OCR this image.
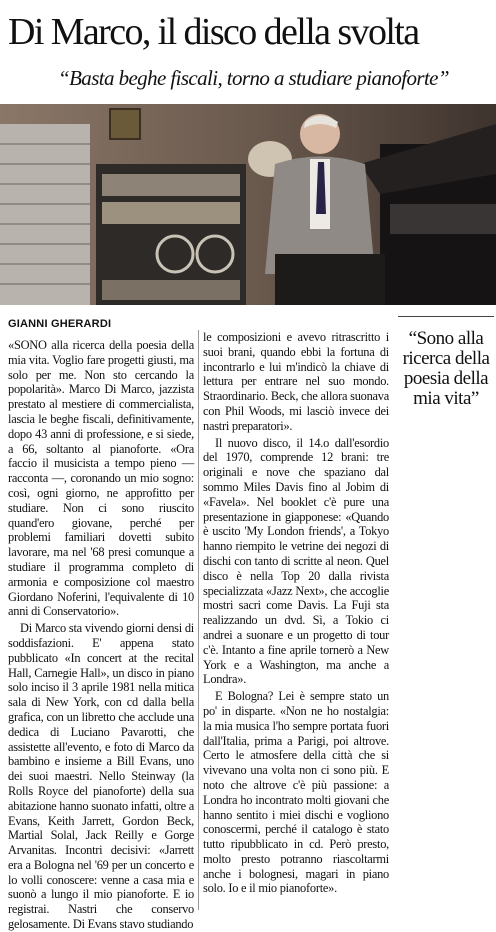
Di Marco, il disco della svolta
“Basta beghe fiscali, torno a studiare pianoforte”
GIANNI GHERARDI

«SONO alla ricerca della poesia della mia vita. Voglio fare progetti giusti, ma solo per me. Non sto cercando la popolarità». Marco Di Marco, jazzista prestato al mestiere di commercialista, lascia le beghe fiscali, definitivamente, dopo 43 anni di professione, e si siede, a 66, soltanto al pianoforte. «Ora faccio il musicista a tempo pieno — racconta —, coronando un mio sogno: così, ogni giorno, ne approfitto per studiare. Non ci sono riuscito quand'ero giovane, perché per problemi familiari dovetti subito lavorare, ma nel '68 presi comunque a studiare il programma completo di armonia e composizione col maestro Giordano Noferini, l'equivalente di 10 anni di Conservatorio».

Di Marco sta vivendo giorni densi di soddisfazioni. E' appena stato pubblicato «In concert at the recital Hall, Carnegie Hall», un disco in piano solo inciso il 3 aprile 1981 nella mitica sala di New York, con cd dalla bella grafica, con un libretto che acclude una dedica di Luciano Pavarotti, che assistette all'evento, e foto di Marco da bambino e insieme a Bill Evans, uno dei suoi maestri. Nello Steinway (la Rolls Royce del pianoforte) della sua abitazione hanno suonato infatti, oltre a Evans, Keith Jarrett, Gordon Beck, Martial Solal, Jack Reilly e Gorge Arvanitas. Incontri decisivi: «Jarrett era a Bologna nel '69 per un concerto e lo volli conoscere: venne a casa mia e suonò a lungo il mio pianoforte. E io registrai. Nastri che conservo gelosamente. Di Evans stavo studiando

le composizioni e avevo ritrascritto i suoi brani, quando ebbi la fortuna di incontrarlo e lui m'indicò la chiave di lettura per entrare nel suo mondo. Straordinario. Beck, che allora suonava con Phil Woods, mi lasciò invece dei nastri preparatori».

Il nuovo disco, il 14.o dall'esordio del 1970, comprende 12 brani: tre originali e nove che spaziano dal sommo Miles Davis fino al Jobim di «Favela». Nel booklet c'è pure una presentazione in giapponese: «Quando è uscito 'My London friends', a Tokyo hanno riempito le vetrine dei negozi di dischi con tanto di scritte al neon. Quel disco è nella Top 20 dalla rivista specializzata «Jazz Next», che accoglie mostri sacri come Davis. La Fuji sta realizzando un dvd. Sì, a Tokio ci andrei a suonare e un progetto di tour c'è. Intanto a fine aprile tornerò a New York e a Washington, ma anche a Londra».

E Bologna? Lei è sempre stato un po' in disparte. «Non ne ho nostalgia: la mia musica l'ho sempre portata fuori dall'Italia, prima a Parigi, poi altrove. Certo le atmosfere della città che si vivevano una volta non ci sono più. E noto che altrove c'è più passione: a Londra ho incontrato molti giovani che hanno sentito i miei dischi e vogliono conoscermi, perché il catalogo è stato tutto ripubblicato in cd. Però presto, molto presto potranno riascoltarmi anche i bolognesi, magari in piano solo. Io e il mio pianoforte».

“Sono alla ricerca della poesia della mia vita”
